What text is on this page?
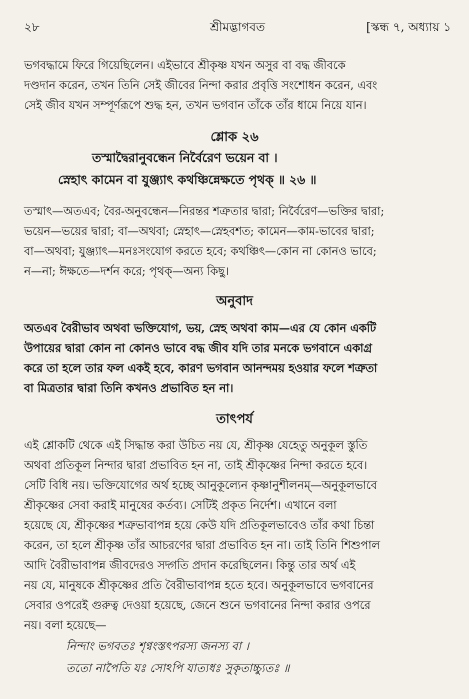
২৮	শ্রীমদ্ভাগবত	[স্কন্ধ ৭, অধ্যায় ১
ভগবদ্ধামে ফিরে গিয়েছিলেন। এইভাবে শ্রীকৃষ্ণ যখন অসুর বা বদ্ধ জীবকে
দণ্ডদান করেন, তখন তিনি সেই জীবের নিন্দা করার প্রবৃত্তি সংশোধন করেন, এবং
সেই জীব যখন সম্পূর্ণরূপে শুদ্ধ হন, তখন ভগবান তাঁকে তাঁর ধামে নিয়ে যান।
শ্লোক ২৬
তস্মাদ্বৈরানুবন্ধেন নির্বৈরেণ ভয়েন বা ।
স্নেহাৎ কামেন বা যুঞ্জ্যাৎ কথঞ্চিন্নেক্ষতে পৃথক্ ॥ ২৬ ॥
তস্মাৎ—অতএব; বৈর-অনুবন্ধেন—নিরন্তর শত্রুতার দ্বারা; নির্বৈরেণ—ভক্তির দ্বারা;
ভয়েন—ভয়ের দ্বারা; বা—অথবা; স্নেহাৎ—স্নেহবশত; কামেন—কাম-ভাবের দ্বারা;
বা—অথবা; যুঞ্জ্যাৎ—মনঃসংযোগ করতে হবে; কথঞ্চিৎ—কোন না কোনও ভাবে;
ন—না; ঈক্ষতে—দর্শন করে; পৃথক্—অন্য কিছু।
অনুবাদ
অতএব বৈরীভাব অথবা ভক্তিযোগ, ভয়, স্নেহ অথবা কাম—এর যে কোন একটি
উপায়ের দ্বারা কোন না কোনও ভাবে বদ্ধ জীব যদি তার মনকে ভগবানে একাগ্র
করে তা হলে তার ফল একই হবে, কারণ ভগবান আনন্দময় হওয়ার ফলে শত্রুতা
বা মিত্রতার দ্বারা তিনি কখনও প্রভাবিত হন না।
তাৎপর্য
এই শ্লোকটি থেকে এই সিদ্ধান্ত করা উচিত নয় যে, শ্রীকৃষ্ণ যেহেতু অনুকূল স্তুতি
অথবা প্রতিকূল নিন্দার দ্বারা প্রভাবিত হন না, তাই শ্রীকৃষ্ণের নিন্দা করতে হবে।
সেটি বিধি নয়। ভক্তিযোগের অর্থ হচ্ছে আনুকূল্যেন কৃষ্ণানুশীলনম্—অনুকূলভাবে
শ্রীকৃষ্ণের সেবা করাই মানুষের কর্তব্য। সেটিই প্রকৃত নির্দেশ। এখানে বলা
হয়েছে যে, শ্রীকৃষ্ণের শত্রুভাবাপন্ন হয়ে কেউ যদি প্রতিকূলভাবেও তাঁর কথা চিন্তা
করেন, তা হলে শ্রীকৃষ্ণ তাঁর আচরণের দ্বারা প্রভাবিত হন না। তাই তিনি শিশুপাল
আদি বৈরীভাবাপন্ন জীবদেরও সদ্গতি প্রদান করেছিলেন। কিন্তু তার অর্থ এই
নয় যে, মানুষকে শ্রীকৃষ্ণের প্রতি বৈরীভাবাপন্ন হতে হবে। অনুকূলভাবে ভগবানের
সেবার ওপরেই গুরুত্ব দেওয়া হয়েছে, জেনে শুনে ভগবানের নিন্দা করার ওপরে
নয়। বলা হয়েছে—
নিন্দাং ভগবতঃ শৃণ্বংস্তৎপরস্য জনস্য বা ।
ততো নাপৈতি যঃ সোঽপি যাত্যধঃ সুকৃতাচ্চ্যুতঃ ॥
